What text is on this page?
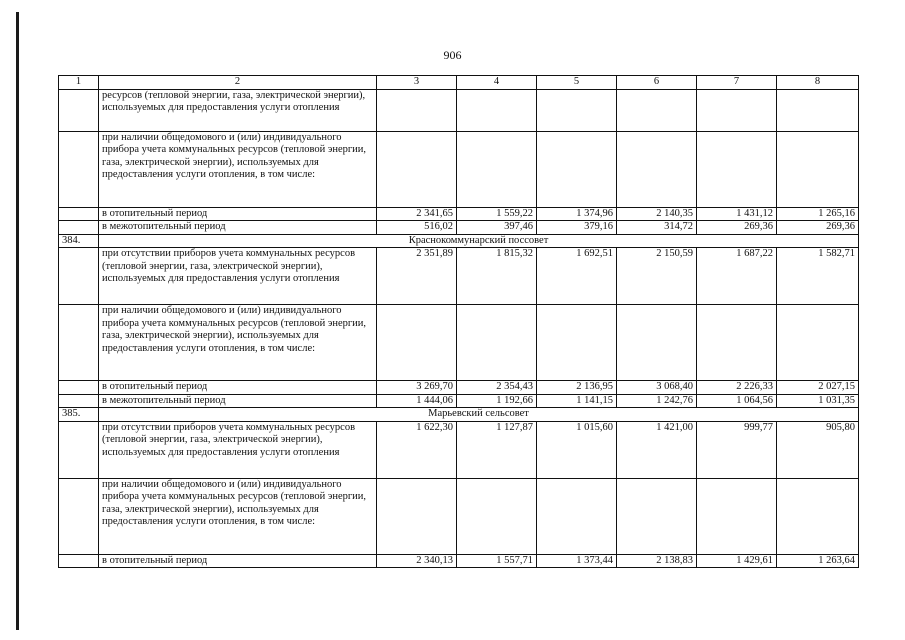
906
1	2	3	4	5	6	7	8
	ресурсов (тепловой энергии, газа, электрической энергии), используемых для предоставления услуги отопления						
	при наличии общедомового и (или) индивидуального прибора учета коммунальных ресурсов (тепловой энергии, газа, электрической энергии), используемых для предоставления услуги отопления, в том числе:						
	в отопительный период	2 341,65	1 559,22	1 374,96	2 140,35	1 431,12	1 265,16
	в межотопительный период	516,02	397,46	379,16	314,72	269,36	269,36
384.	Краснокоммунарский поссовет						
	при отсутствии приборов учета коммунальных ресурсов (тепловой энергии, газа, электрической энергии), используемых для предоставления услуги отопления	2 351,89	1 815,32	1 692,51	2 150,59	1 687,22	1 582,71
	при наличии общедомового и (или) индивидуального прибора учета коммунальных ресурсов (тепловой энергии, газа, электрической энергии), используемых для предоставления услуги отопления, в том числе:						
	в отопительный период	3 269,70	2 354,43	2 136,95	3 068,40	2 226,33	2 027,15
	в межотопительный период	1 444,06	1 192,66	1 141,15	1 242,76	1 064,56	1 031,35
385.	Марьевский сельсовет						
	при отсутствии приборов учета коммунальных ресурсов (тепловой энергии, газа, электрической энергии), используемых для предоставления услуги отопления	1 622,30	1 127,87	1 015,60	1 421,00	999,77	905,80
	при наличии общедомового и (или) индивидуального прибора учета коммунальных ресурсов (тепловой энергии, газа, электрической энергии), используемых для предоставления услуги отопления, в том числе:						
	в отопительный период	2 340,13	1 557,71	1 373,44	2 138,83	1 429,61	1 263,64
